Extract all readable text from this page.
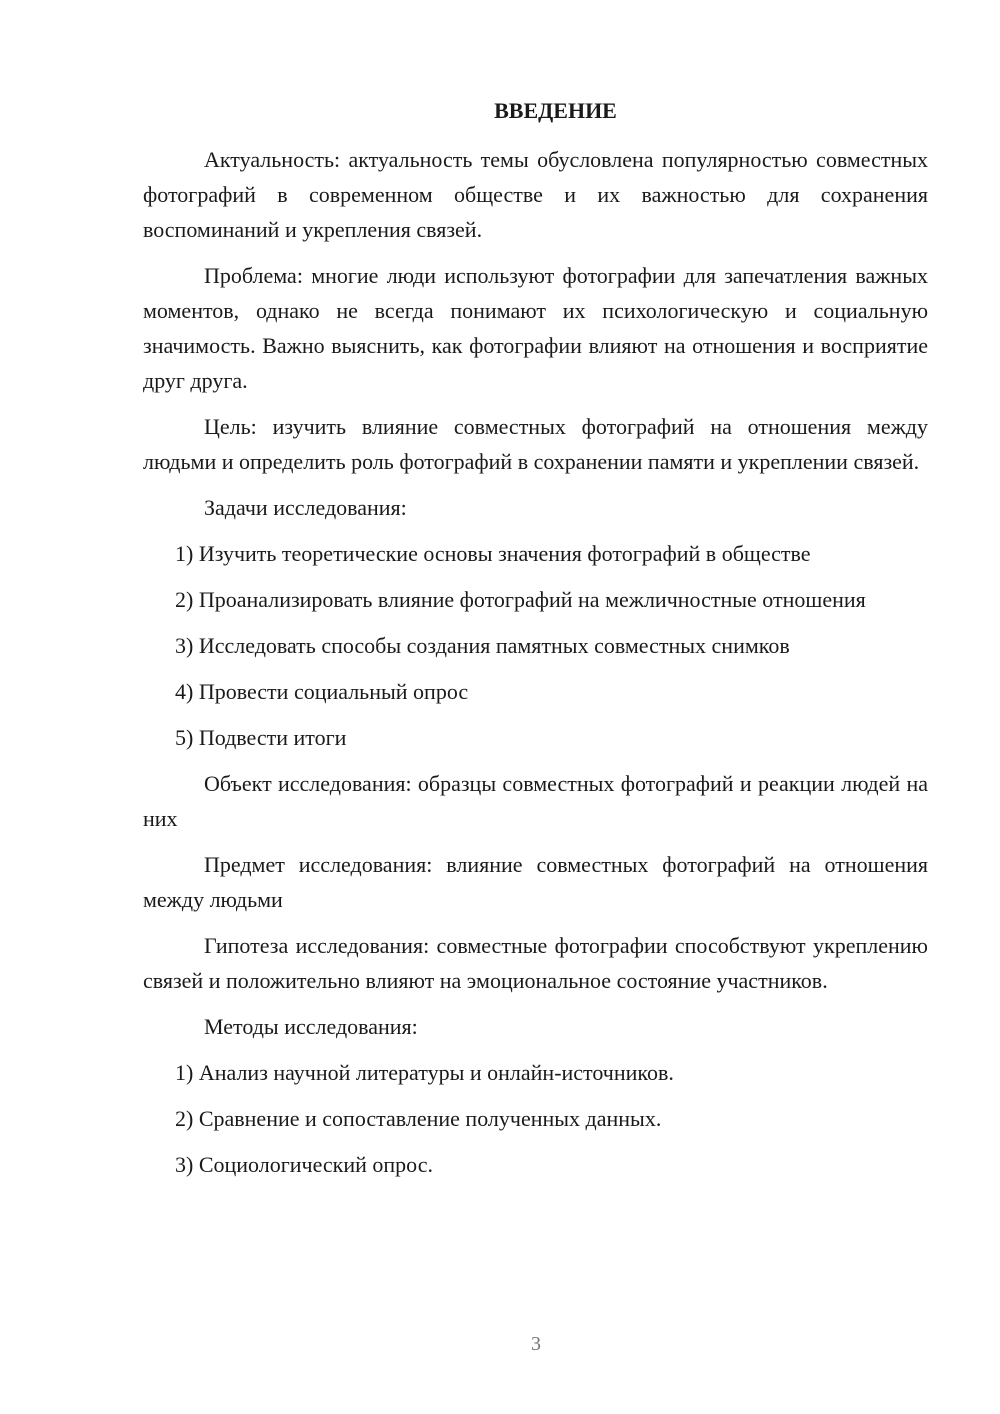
ВВЕДЕНИЕ

Актуальность: актуальность темы обусловлена популярностью совместных фотографий в современном обществе и их важностью для сохранения воспоминаний и укрепления связей.

Проблема: многие люди используют фотографии для запечатления важных моментов, однако не всегда понимают их психологическую и социальную значимость. Важно выяснить, как фотографии влияют на отношения и восприятие друг друга.

Цель: изучить влияние совместных фотографий на отношения между людьми и определить роль фотографий в сохранении памяти и укреплении связей.

Задачи исследования:

1) Изучить теоретические основы значения фотографий в обществе

2) Проанализировать влияние фотографий на межличностные отношения

3) Исследовать способы создания памятных совместных снимков

4) Провести социальный опрос

5) Подвести итоги

Объект исследования: образцы совместных фотографий и реакции людей на них

Предмет исследования: влияние совместных фотографий на отношения между людьми

Гипотеза исследования: совместные фотографии способствуют укреплению связей и положительно влияют на эмоциональное состояние участников.

Методы исследования:

1) Анализ научной литературы и онлайн-источников.

2) Сравнение и сопоставление полученных данных.

3) Социологический опрос.

3
